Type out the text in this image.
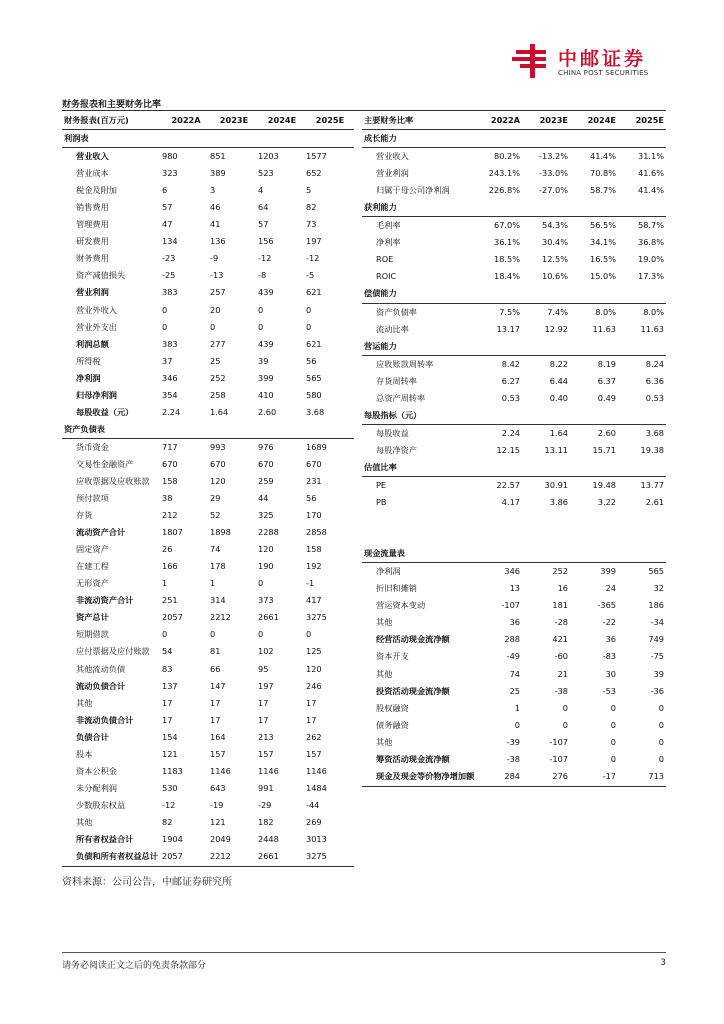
中邮证券
CHINA POST SECURITIES
财务报表和主要财务比率
财务报表(百万元)	2022A	2023E	2024E	2025E
利润表				
营业收入	980	851	1203	1577
营业成本	323	389	523	652
税金及附加	6	3	4	5
销售费用	57	46	64	82
管理费用	47	41	57	73
研发费用	134	136	156	197
财务费用	-23	-9	-12	-12
资产减值损失	-25	-13	-8	-5
营业利润	383	257	439	621
营业外收入	0	20	0	0
营业外支出	0	0	0	0
利润总额	383	277	439	621
所得税	37	25	39	56
净利润	346	252	399	565
归母净利润	354	258	410	580
每股收益（元）	2.24	1.64	2.60	3.68
资产负债表				
货币资金	717	993	976	1689
交易性金融资产	670	670	670	670
应收票据及应收账款	158	120	259	231
预付款项	38	29	44	56
存货	212	52	325	170
流动资产合计	1807	1898	2288	2858
固定资产	26	74	120	158
在建工程	166	178	190	192
无形资产	1	1	0	-1
非流动资产合计	251	314	373	417
资产总计	2057	2212	2661	3275
短期借款	0	0	0	0
应付票据及应付账款	54	81	102	125
其他流动负债	83	66	95	120
流动负债合计	137	147	197	246
其他	17	17	17	17
非流动负债合计	17	17	17	17
负债合计	154	164	213	262
股本	121	157	157	157
资本公积金	1183	1146	1146	1146
未分配利润	530	643	991	1484
少数股东权益	-12	-19	-29	-44
其他	82	121	182	269
所有者权益合计	1904	2049	2448	3013
负债和所有者权益总计	2057	2212	2661	3275
主要财务比率	2022A	2023E	2024E	2025E
成长能力				
营业收入	80.2%	-13.2%	41.4%	31.1%
营业利润	243.1%	-33.0%	70.8%	41.6%
归属于母公司净利润	226.8%	-27.0%	58.7%	41.4%
获利能力				
毛利率	67.0%	54.3%	56.5%	58.7%
净利率	36.1%	30.4%	34.1%	36.8%
ROE	18.5%	12.5%	16.5%	19.0%
ROIC	18.4%	10.6%	15.0%	17.3%
偿债能力				
资产负债率	7.5%	7.4%	8.0%	8.0%
流动比率	13.17	12.92	11.63	11.63
营运能力				
应收账款周转率	8.42	8.22	8.19	8.24
存货周转率	6.27	6.44	6.37	6.36
总资产周转率	0.53	0.40	0.49	0.53
每股指标（元）				
每股收益	2.24	1.64	2.60	3.68
每股净资产	12.15	13.11	15.71	19.38
估值比率				
PE	22.57	30.91	19.48	13.77
PB	4.17	3.86	3.22	2.61

现金流量表				
净利润	346	252	399	565
折旧和摊销	13	16	24	32
营运资本变动	-107	181	-365	186
其他	36	-28	-22	-34
经营活动现金流净额	288	421	36	749
资本开支	-49	-60	-83	-75
其他	74	21	30	39
投资活动现金流净额	25	-38	-53	-36
股权融资	1	0	0	0
债务融资	0	0	0	0
其他	-39	-107	0	0
筹资活动现金流净额	-38	-107	0	0
现金及现金等价物净增加额	284	276	-17	713
资料来源：公司公告，中邮证券研究所
请务必阅读正文之后的免责条款部分	3
